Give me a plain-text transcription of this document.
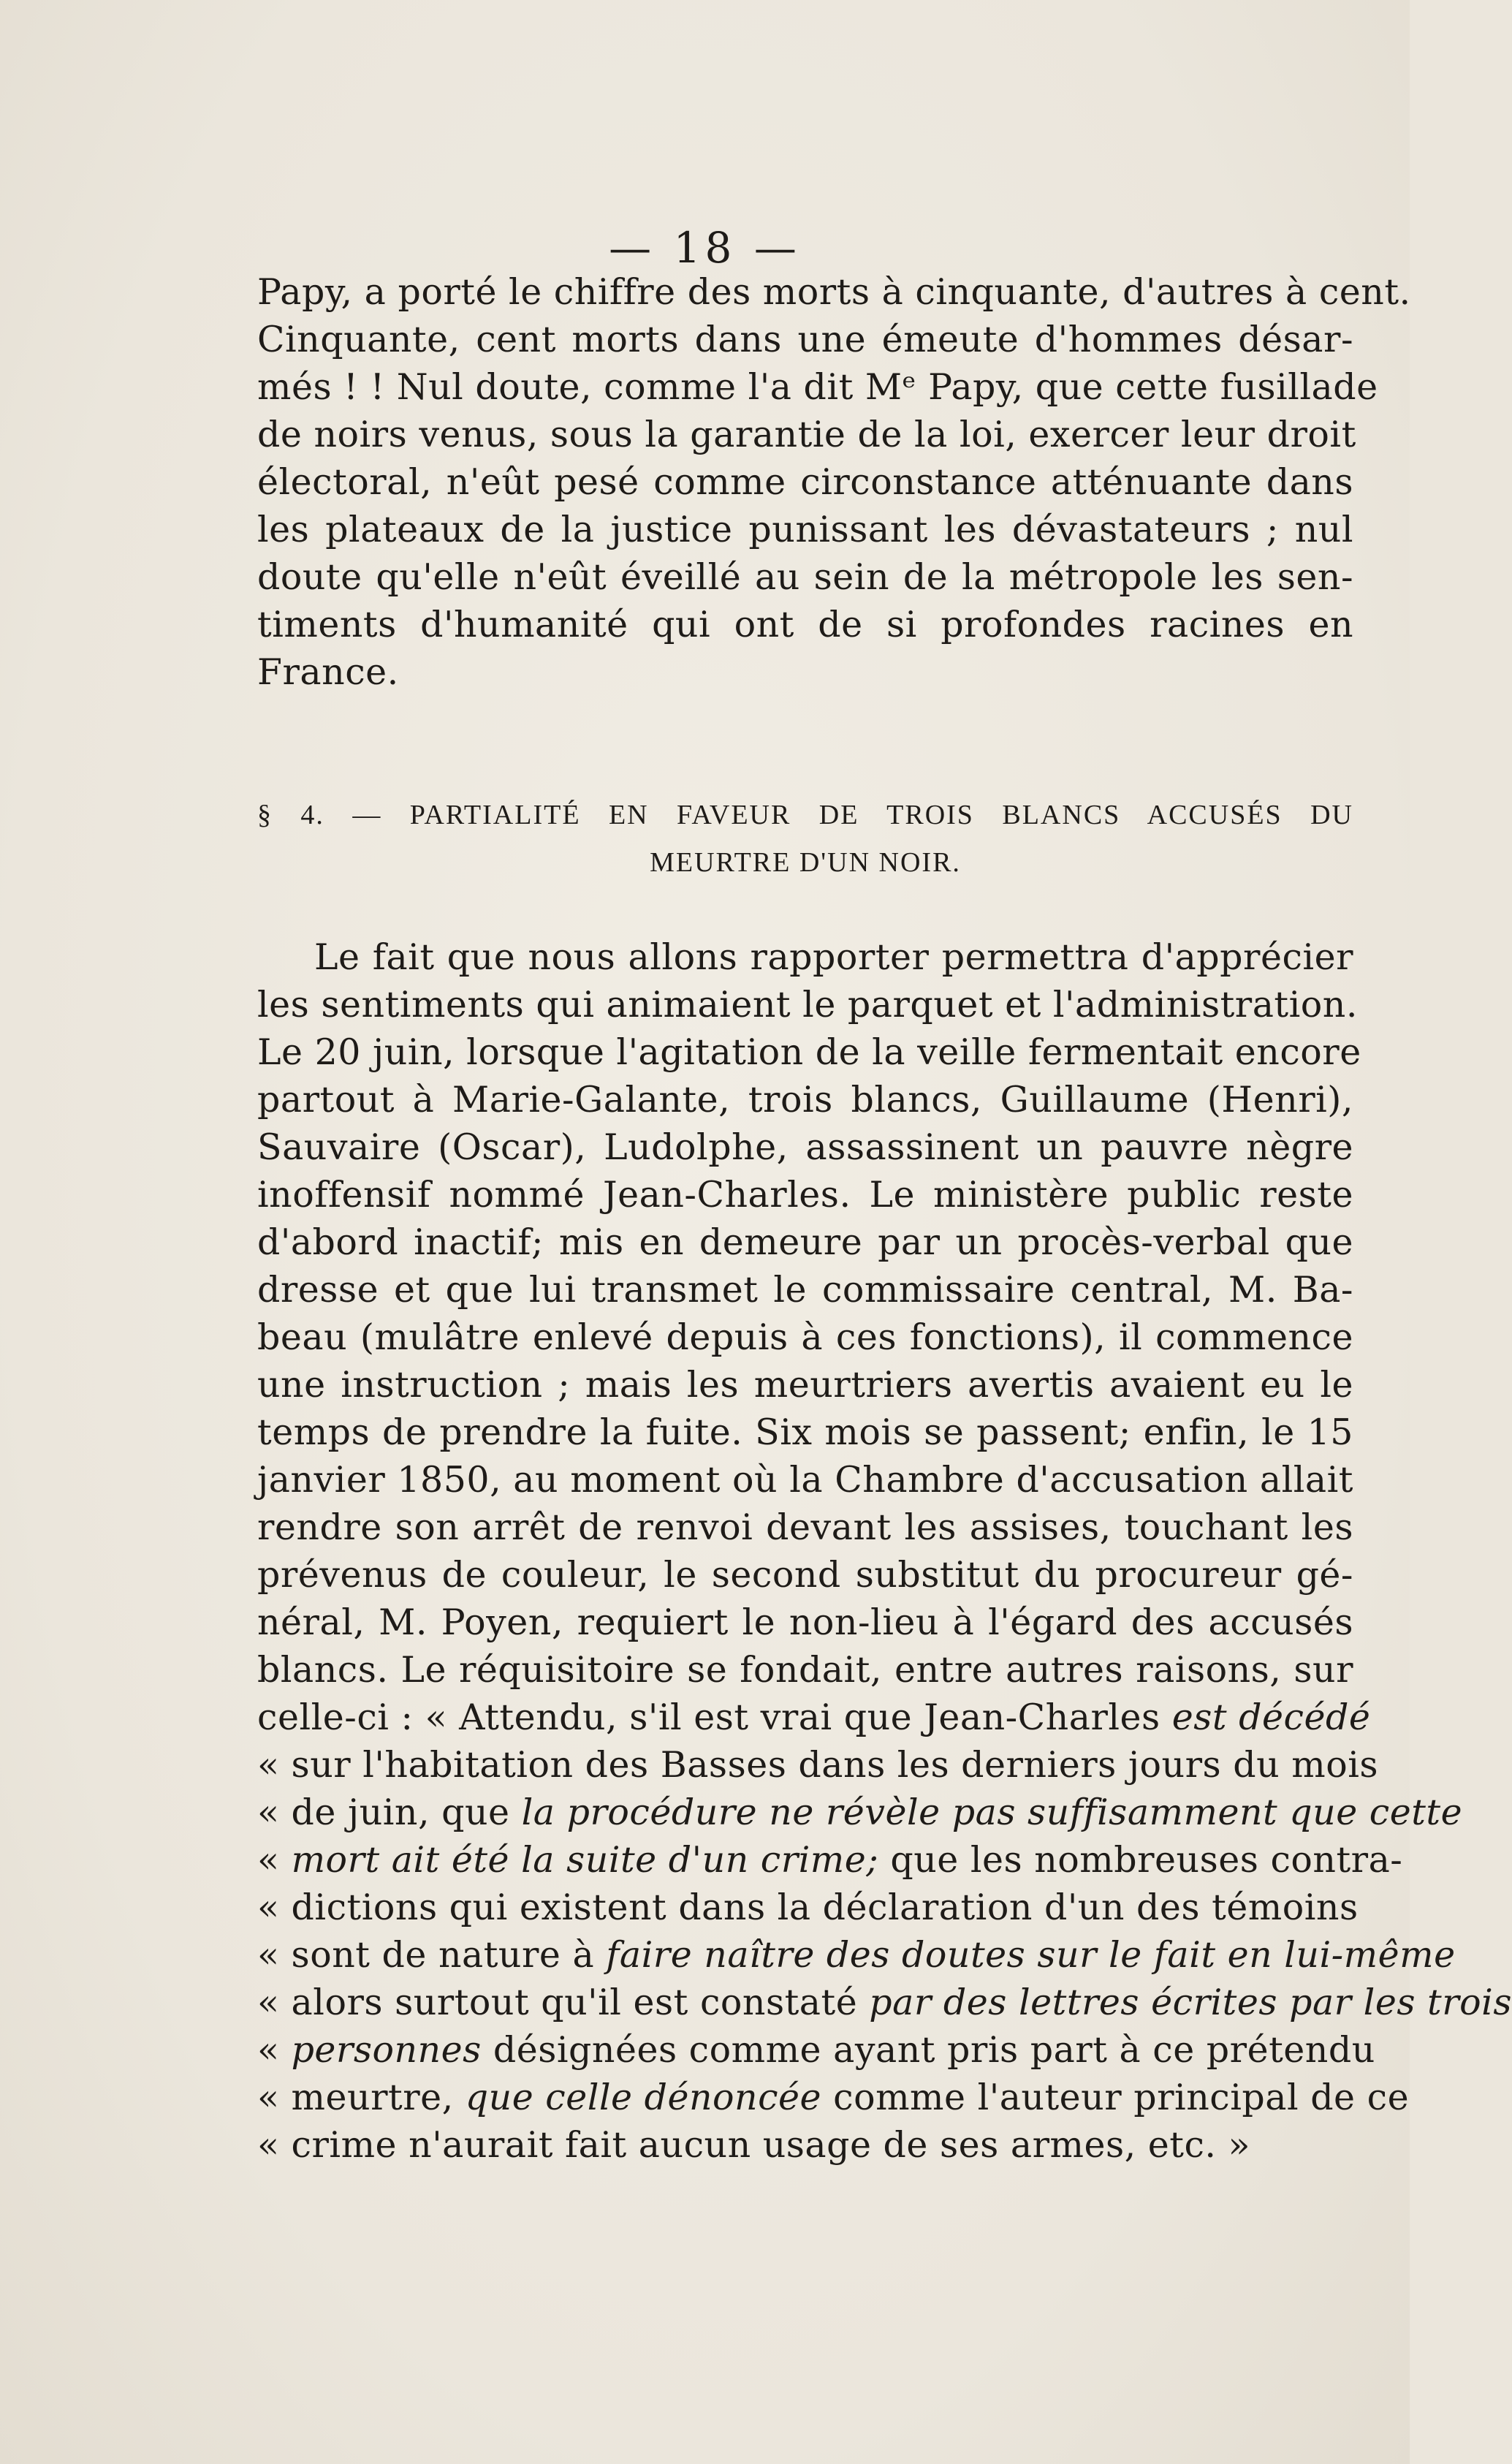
— 18 —
Papy, a porté le chiffre des morts à cinquante, d'autres à cent.
Cinquante, cent morts dans une émeute d'hommes désar-
més ! ! Nul doute, comme l'a dit Mᵉ Papy, que cette fusillade
de noirs venus, sous la garantie de la loi, exercer leur droit
électoral, n'eût pesé comme circonstance atténuante dans
les plateaux de la justice punissant les dévastateurs ; nul
doute qu'elle n'eût éveillé au sein de la métropole les sen-
timents d'humanité qui ont de si profondes racines en
France.
§ 4. — PARTIALITÉ EN FAVEUR DE TROIS BLANCS ACCUSÉS DU
MEURTRE D'UN NOIR.
Le fait que nous allons rapporter permettra d'apprécier
les sentiments qui animaient le parquet et l'administration.
Le 20 juin, lorsque l'agitation de la veille fermentait encore
partout à Marie-Galante, trois blancs, Guillaume (Henri),
Sauvaire (Oscar), Ludolphe, assassinent un pauvre nègre
inoffensif nommé Jean-Charles. Le ministère public reste
d'abord inactif; mis en demeure par un procès-verbal que
dresse et que lui transmet le commissaire central, M. Ba-
beau (mulâtre enlevé depuis à ces fonctions), il commence
une instruction ; mais les meurtriers avertis avaient eu le
temps de prendre la fuite. Six mois se passent; enfin, le 15
janvier 1850, au moment où la Chambre d'accusation allait
rendre son arrêt de renvoi devant les assises, touchant les
prévenus de couleur, le second substitut du procureur gé-
néral, M. Poyen, requiert le non-lieu à l'égard des accusés
blancs. Le réquisitoire se fondait, entre autres raisons, sur
celle-ci : « Attendu, s'il est vrai que Jean-Charles est décédé
« sur l'habitation des Basses dans les derniers jours du mois
« de juin, que la procédure ne révèle pas suffisamment que cette
« mort ait été la suite d'un crime; que les nombreuses contra-
« dictions qui existent dans la déclaration d'un des témoins
« sont de nature à faire naître des doutes sur le fait en lui-même
« alors surtout qu'il est constaté par des lettres écrites par les trois
« personnes désignées comme ayant pris part à ce prétendu
« meurtre, que celle dénoncée comme l'auteur principal de ce
« crime n'aurait fait aucun usage de ses armes, etc. »
